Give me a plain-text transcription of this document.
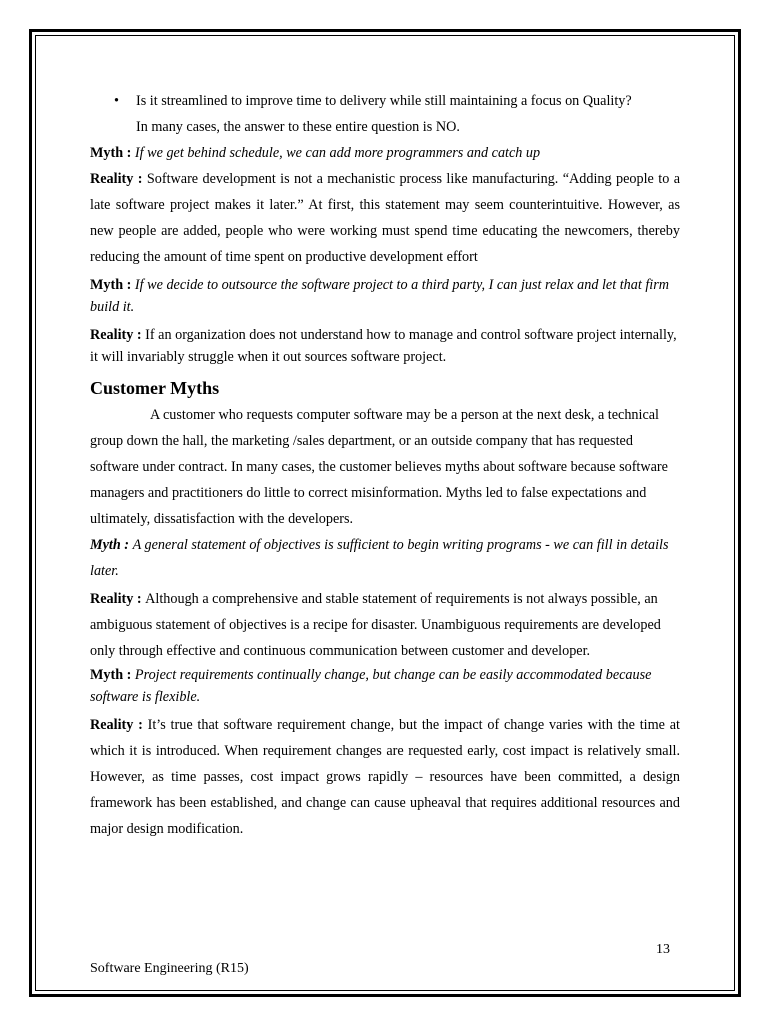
• Is it streamlined to improve time to delivery while still maintaining a focus on Quality?

In many cases, the answer to these entire question is NO.

Myth : If we get behind schedule, we can add more programmers and catch up

Reality : Software development is not a mechanistic process like manufacturing. “Adding people to a late software project makes it later.” At first, this statement may seem counterintuitive. However, as new people are added, people who were working must spend time educating the newcomers, thereby reducing the amount of time spent on productive development effort

Myth : If we decide to outsource the software project to a third party, I can just relax and let that firm build it.

Reality : If an organization does not understand how to manage and control software project internally, it will invariably struggle when it out sources software project.

Customer Myths

A customer who requests computer software may be a person at the next desk, a technical group down the hall, the marketing /sales department, or an outside company that has requested software under contract. In many cases, the customer believes myths about software because software managers and practitioners do little to correct misinformation. Myths led to false expectations and ultimately, dissatisfaction with the developers.

Myth : A general statement of objectives is sufficient to begin writing programs - we can fill in details later.

Reality : Although a comprehensive and stable statement of requirements is not always possible, an ambiguous statement of objectives is a recipe for disaster. Unambiguous requirements are developed only through effective and continuous communication between customer and developer.

Myth : Project requirements continually change, but change can be easily accommodated because software is flexible.

Reality : It’s true that software requirement change, but the impact of change varies with the time at which it is introduced. When requirement changes are requested early, cost impact is relatively small. However, as time passes, cost impact grows rapidly – resources have been committed, a design framework has been established, and change can cause upheaval that requires additional resources and major design modification.

13
Software Engineering (R15)
